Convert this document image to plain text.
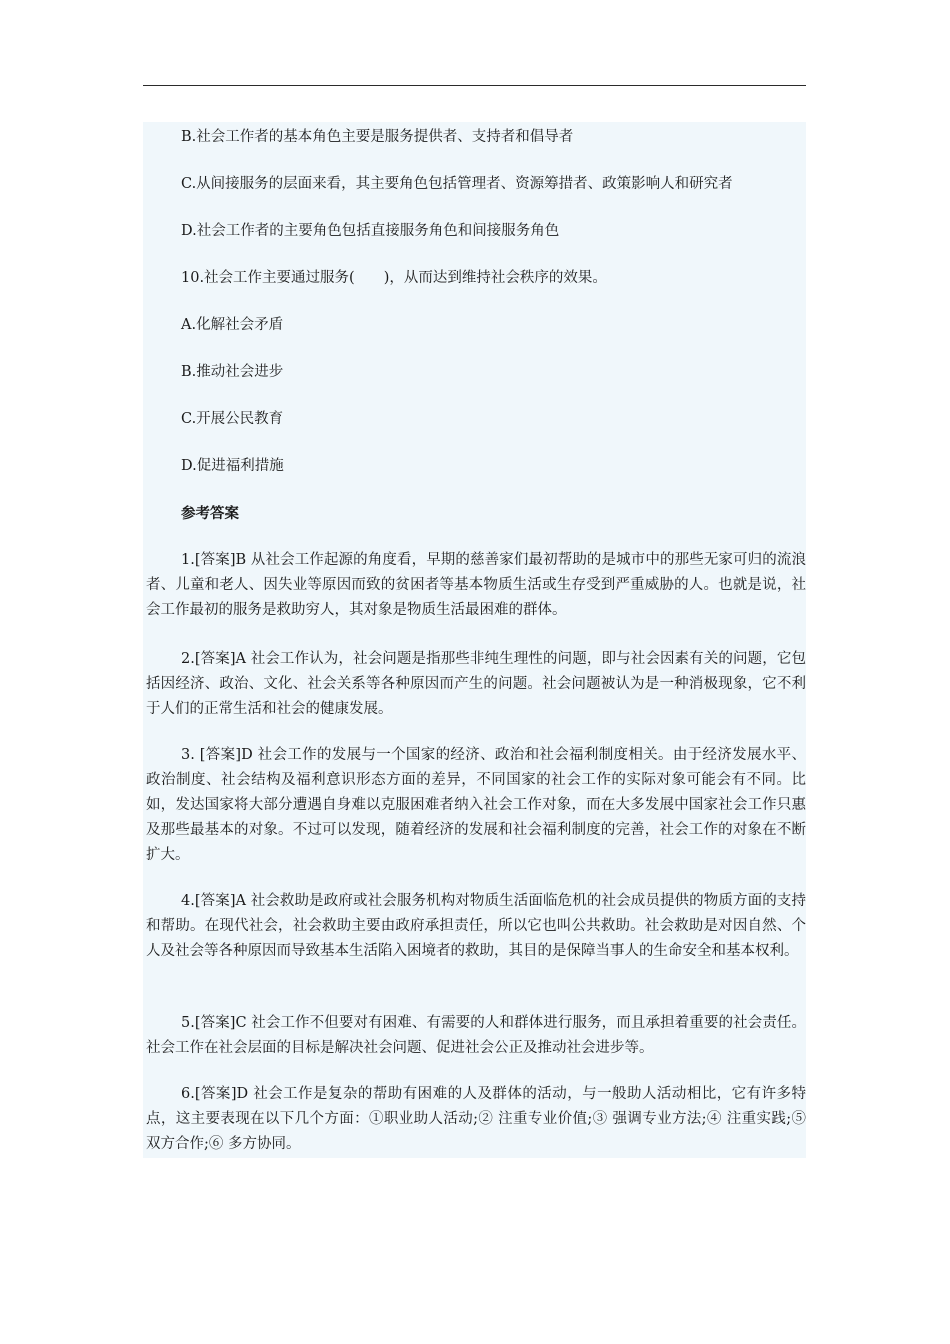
B.社会工作者的基本角色主要是服务提供者、支持者和倡导者

C.从间接服务的层面来看，其主要角色包括管理者、资源筹措者、政策影响人和研究者

D.社会工作者的主要角色包括直接服务角色和间接服务角色

10.社会工作主要通过服务(　　)，从而达到维持社会秩序的效果。

A.化解社会矛盾

B.推动社会进步

C.开展公民教育

D.促进福利措施

参考答案

1.[答案]B 从社会工作起源的角度看，早期的慈善家们最初帮助的是城市中的那些无家可归的流浪者、儿童和老人、因失业等原因而致的贫困者等基本物质生活或生存受到严重威胁的人。也就是说，社会工作最初的服务是救助穷人，其对象是物质生活最困难的群体。

2.[答案]A 社会工作认为，社会问题是指那些非纯生理性的问题，即与社会因素有关的问题，它包括因经济、政治、文化、社会关系等各种原因而产生的问题。社会问题被认为是一种消极现象，它不利于人们的正常生活和社会的健康发展。

3. [答案]D 社会工作的发展与一个国家的经济、政治和社会福利制度相关。由于经济发展水平、政治制度、社会结构及福利意识形态方面的差异，不同国家的社会工作的实际对象可能会有不同。比如，发达国家将大部分遭遇自身难以克服困难者纳入社会工作对象，而在大多发展中国家社会工作只惠及那些最基本的对象。不过可以发现，随着经济的发展和社会福利制度的完善，社会工作的对象在不断扩大。

4.[答案]A 社会救助是政府或社会服务机构对物质生活面临危机的社会成员提供的物质方面的支持和帮助。在现代社会，社会救助主要由政府承担责任，所以它也叫公共救助。社会救助是对因自然、个人及社会等各种原因而导致基本生活陷入困境者的救助，其目的是保障当事人的生命安全和基本权利。

5.[答案]C 社会工作不但要对有困难、有需要的人和群体进行服务，而且承担着重要的社会责任。社会工作在社会层面的目标是解决社会问题、促进社会公正及推动社会进步等。

6.[答案]D 社会工作是复杂的帮助有困难的人及群体的活动，与一般助人活动相比，它有许多特点，这主要表现在以下几个方面：①职业助人活动;② 注重专业价值;③ 强调专业方法;④ 注重实践;⑤ 双方合作;⑥ 多方协同。
